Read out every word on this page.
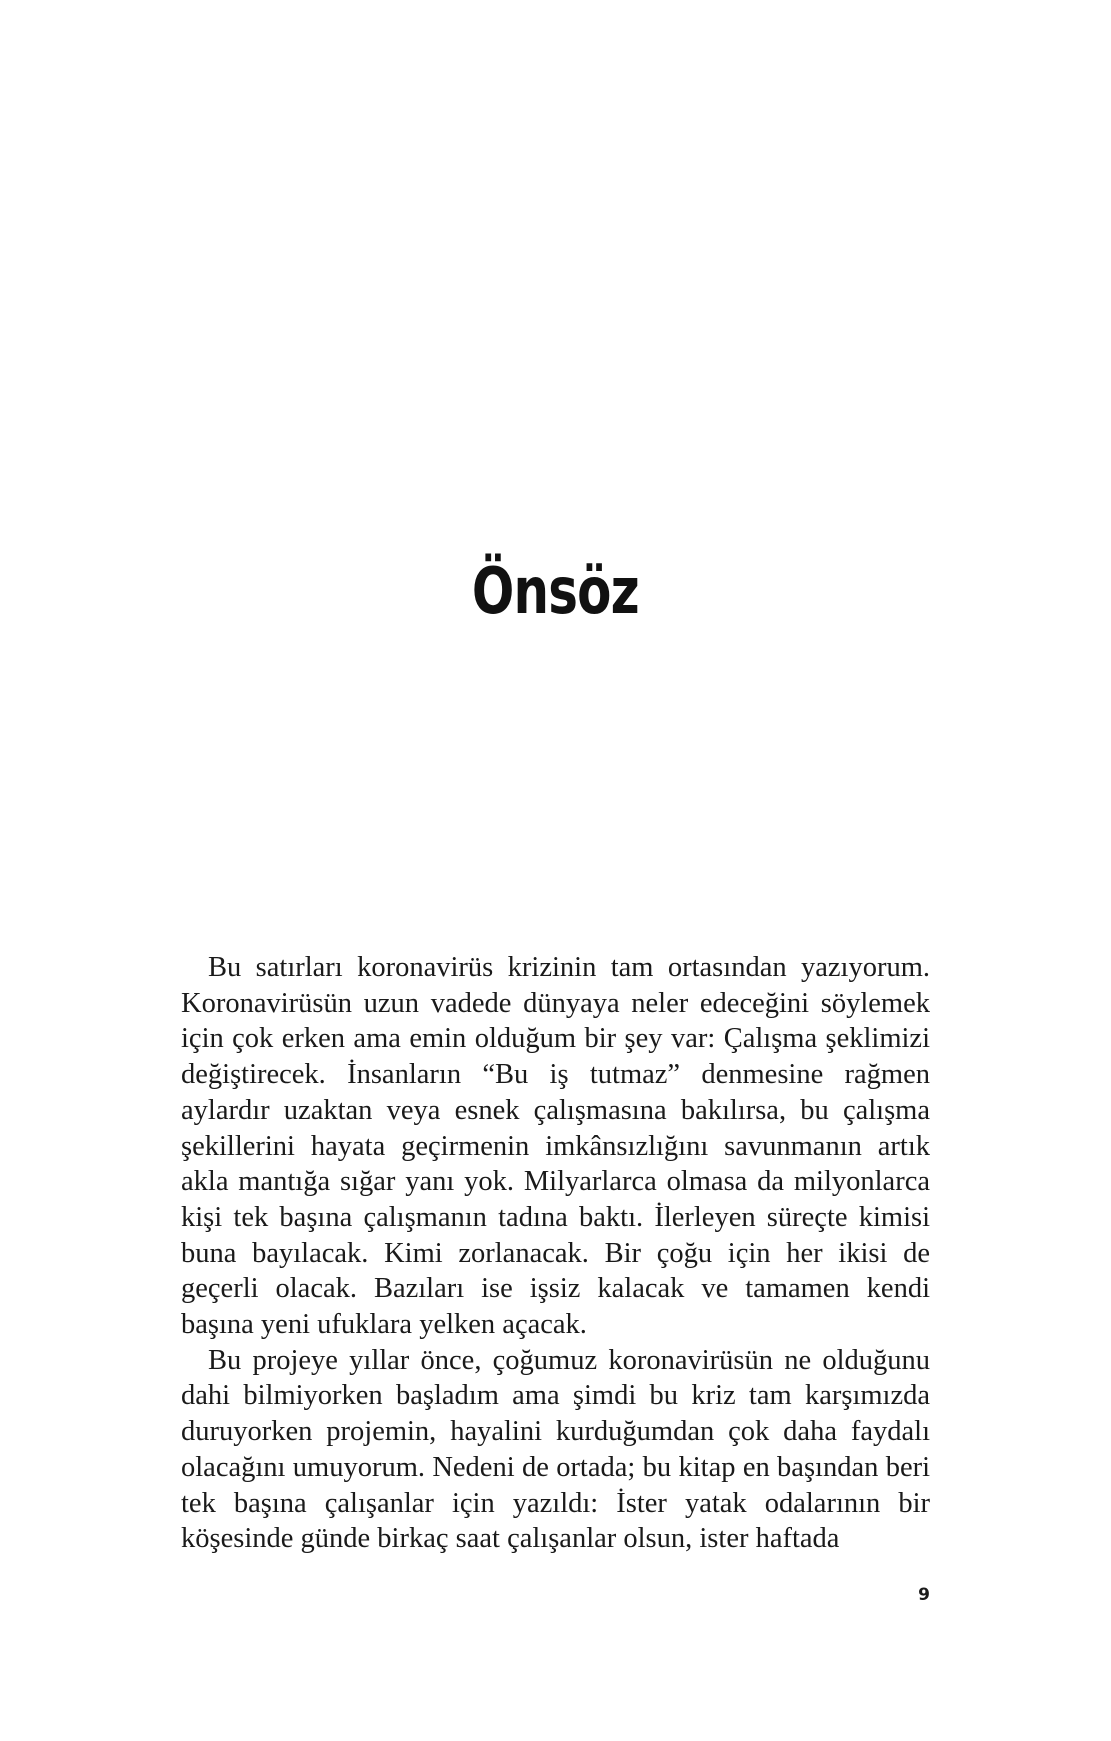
Önsöz

Bu satırları koronavirüs krizinin tam ortasından yazıyorum. Koronavirüsün uzun vadede dünyaya neler edeceğini söylemek için çok erken ama emin olduğum bir şey var: Çalışma şeklimizi değiştirecek. İnsanların “Bu iş tutmaz” denmesine rağmen aylardır uzaktan veya esnek çalışmasına bakılırsa, bu çalışma şekillerini hayata geçirmenin imkânsızlığını savunmanın artık akla mantığa sığar yanı yok. Milyarlarca olmasa da milyonlarca kişi tek başına çalışmanın tadına baktı. İlerleyen süreçte kimisi buna bayılacak. Kimi zorlanacak. Bir çoğu için her ikisi de geçerli olacak. Bazıları ise işsiz kalacak ve tamamen kendi başına yeni ufuklara yelken açacak.

Bu projeye yıllar önce, çoğumuz koronavirüsün ne olduğunu dahi bilmiyorken başladım ama şimdi bu kriz tam karşımızda duruyorken projemin, hayalini kurduğumdan çok daha faydalı olacağını umuyorum. Nedeni de ortada; bu kitap en başından beri tek başına çalışanlar için yazıldı: İster yatak odalarının bir köşesinde günde birkaç saat çalışanlar olsun, ister haftada

9
